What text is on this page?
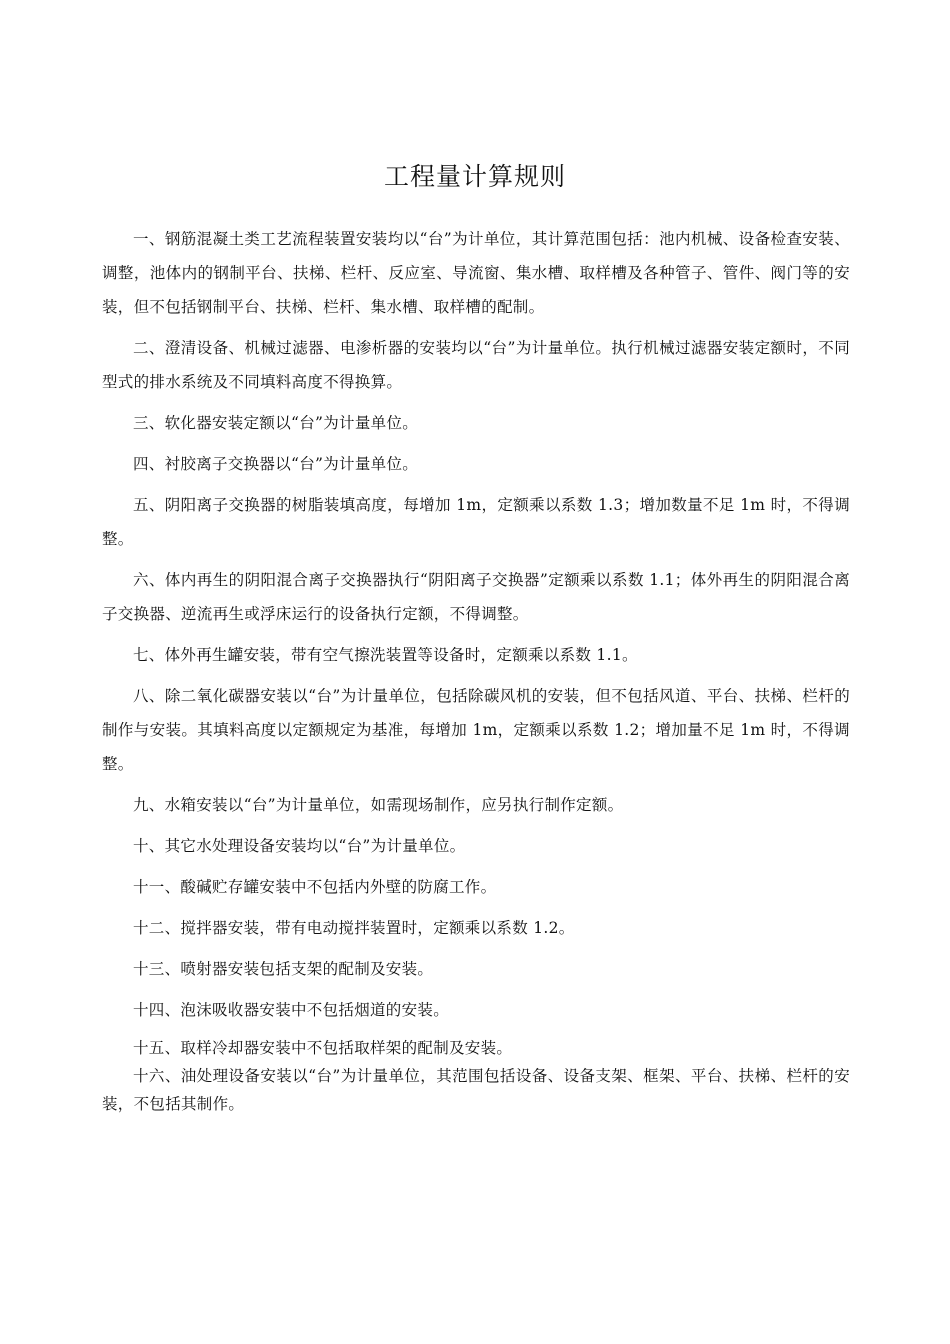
工程量计算规则

一、钢筋混凝土类工艺流程装置安装均以“台”为计单位，其计算范围包括：池内机械、设备检查安装、调整，池体内的钢制平台、扶梯、栏杆、反应室、导流窗、集水槽、取样槽及各种管子、管件、阀门等的安装，但不包括钢制平台、扶梯、栏杆、集水槽、取样槽的配制。

二、澄清设备、机械过滤器、电渗析器的安装均以“台”为计量单位。执行机械过滤器安装定额时，不同型式的排水系统及不同填料高度不得换算。

三、软化器安装定额以“台”为计量单位。

四、衬胶离子交换器以“台”为计量单位。

五、阴阳离子交换器的树脂装填高度，每增加 1m，定额乘以系数 1.3；增加数量不足 1m 时，不得调整。

六、体内再生的阴阳混合离子交换器执行“阴阳离子交换器”定额乘以系数 1.1；体外再生的阴阳混合离子交换器、逆流再生或浮床运行的设备执行定额，不得调整。

七、体外再生罐安装，带有空气擦洗装置等设备时，定额乘以系数 1.1。

八、除二氧化碳器安装以“台”为计量单位，包括除碳风机的安装，但不包括风道、平台、扶梯、栏杆的制作与安装。其填料高度以定额规定为基准，每增加 1m，定额乘以系数 1.2；增加量不足 1m 时，不得调整。

九、水箱安装以“台”为计量单位，如需现场制作，应另执行制作定额。

十、其它水处理设备安装均以“台”为计量单位。

十一、酸碱贮存罐安装中不包括内外壁的防腐工作。

十二、搅拌器安装，带有电动搅拌装置时，定额乘以系数 1.2。

十三、喷射器安装包括支架的配制及安装。

十四、泡沫吸收器安装中不包括烟道的安装。

十五、取样冷却器安装中不包括取样架的配制及安装。

十六、油处理设备安装以“台”为计量单位，其范围包括设备、设备支架、框架、平台、扶梯、栏杆的安装，不包括其制作。
